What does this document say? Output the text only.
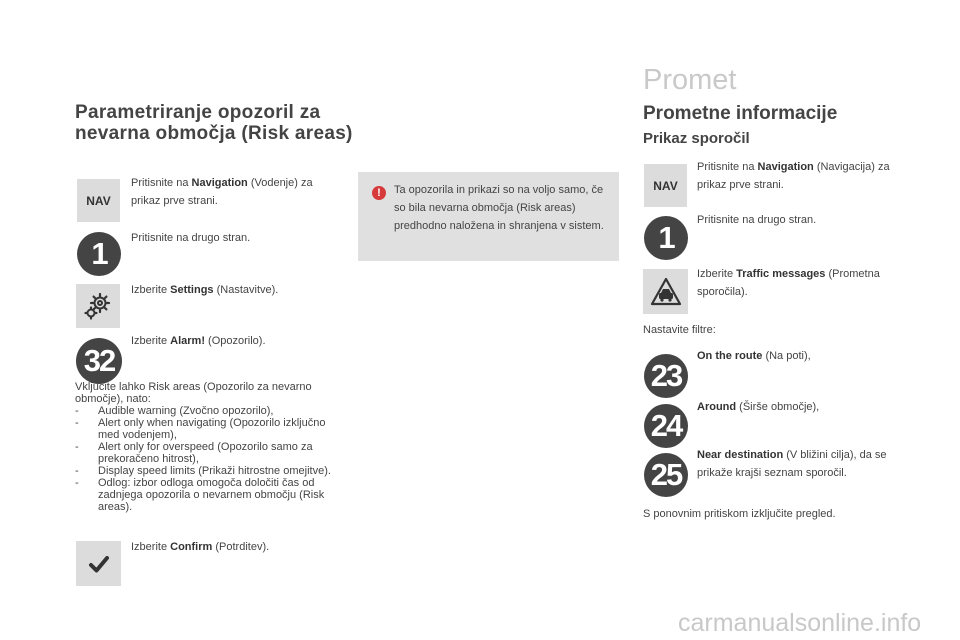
Parametriranje opozoril za nevarna območja (Risk areas)
NAV

Pritisnite na Navigation (Vodenje) za prikaz prve strani.

1 Pritisnite na drugo stran.

Izberite Settings (Nastavitve).

32

Izberite Alarm! (Opozorilo).

Vključite lahko Risk areas (Opozorilo za nevarno območje), nato:
- Audible warning (Zvočno opozorilo),
- Alert only when navigating (Opozorilo izključno med vodenjem),
- Alert only for overspeed (Opozorilo samo za prekoračeno hitrost),
- Display speed limits (Prikaži hitrostne omejitve).
- Odlog: izbor odloga omogoča določiti čas od zadnjega opozorila o nevarnem območju (Risk areas).

Izberite Confirm (Potrditev).

! Ta opozorila in prikazi so na voljo samo, če so bila nevarna območja (Risk areas) predhodno naložena in shranjena v sistem.

Promet
Prometne informacije
Prikaz sporočil
NAV

Pritisnite na Navigation (Navigacija) za prikaz prve strani.

1 Pritisnite na drugo stran.

Izberite Traffic messages (Prometna sporočila).

Nastavite filtre:

23

On the route (Na poti),

24

Around (Širše območje),

25

Near destination (V bližini cilja), da se prikaže krajši seznam sporočil.

S ponovnim pritiskom izključite pregled.

carmanualsonline.info
